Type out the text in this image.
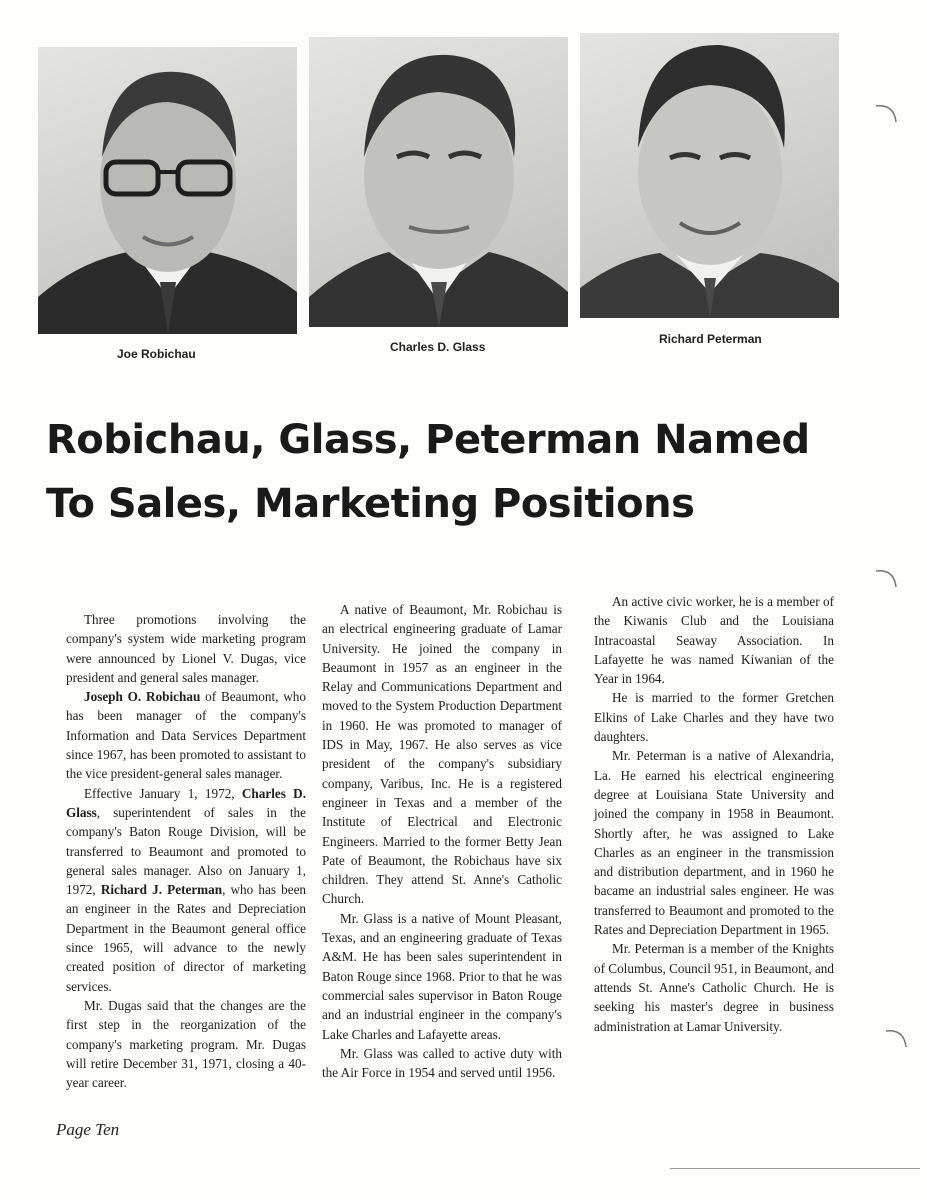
Joe Robichau	Charles D. Glass
Richard Peterman
Robichau, Glass, Peterman Named
To Sales, Marketing Positions

Three promotions involving the company's system wide marketing program were announced by Lionel V. Dugas, vice president and general sales manager.

Joseph O. Robichau of Beaumont, who has been manager of the company's Information and Data Services Department since 1967, has been promoted to assistant to the vice president-general sales manager.

Effective January 1, 1972, Charles D. Glass, superintendent of sales in the company's Baton Rouge Division, will be transferred to Beaumont and promoted to general sales manager. Also on January 1, 1972, Richard J. Peterman, who has been an engineer in the Rates and Depreciation Department in the Beaumont general office since 1965, will advance to the newly created position of director of marketing services.

Mr. Dugas said that the changes are the first step in the reorganization of the company's marketing program. Mr. Dugas will retire December 31, 1971, closing a 40-year career.

A native of Beaumont, Mr. Robichau is an electrical engineering graduate of Lamar University. He joined the company in Beaumont in 1957 as an engineer in the Relay and Communications Department and moved to the System Production Department in 1960. He was promoted to manager of IDS in May, 1967. He also serves as vice president of the company's subsidiary company, Varibus, Inc. He is a registered engineer in Texas and a member of the Institute of Electrical and Electronic Engineers. Married to the former Betty Jean Pate of Beaumont, the Robichaus have six children. They attend St. Anne's Catholic Church.

Mr. Glass is a native of Mount Pleasant, Texas, and an engineering graduate of Texas A&M. He has been sales superintendent in Baton Rouge since 1968. Prior to that he was commercial sales supervisor in Baton Rouge and an industrial engineer in the company's Lake Charles and Lafayette areas.

Mr. Glass was called to active duty with the Air Force in 1954 and served until 1956.

An active civic worker, he is a member of the Kiwanis Club and the Louisiana Intracoastal Seaway Association. In Lafayette he was named Kiwanian of the Year in 1964.

He is married to the former Gretchen Elkins of Lake Charles and they have two daughters.

Mr. Peterman is a native of Alexandria, La. He earned his electrical engineering degree at Louisiana State University and joined the company in 1958 in Beaumont. Shortly after, he was assigned to Lake Charles as an engineer in the transmission and distribution department, and in 1960 he bacame an industrial sales engineer. He was transferred to Beaumont and promoted to the Rates and Depreciation Department in 1965.

Mr. Peterman is a member of the Knights of Columbus, Council 951, in Beaumont, and attends St. Anne's Catholic Church. He is seeking his master's degree in business administration at Lamar University.

Page Ten
